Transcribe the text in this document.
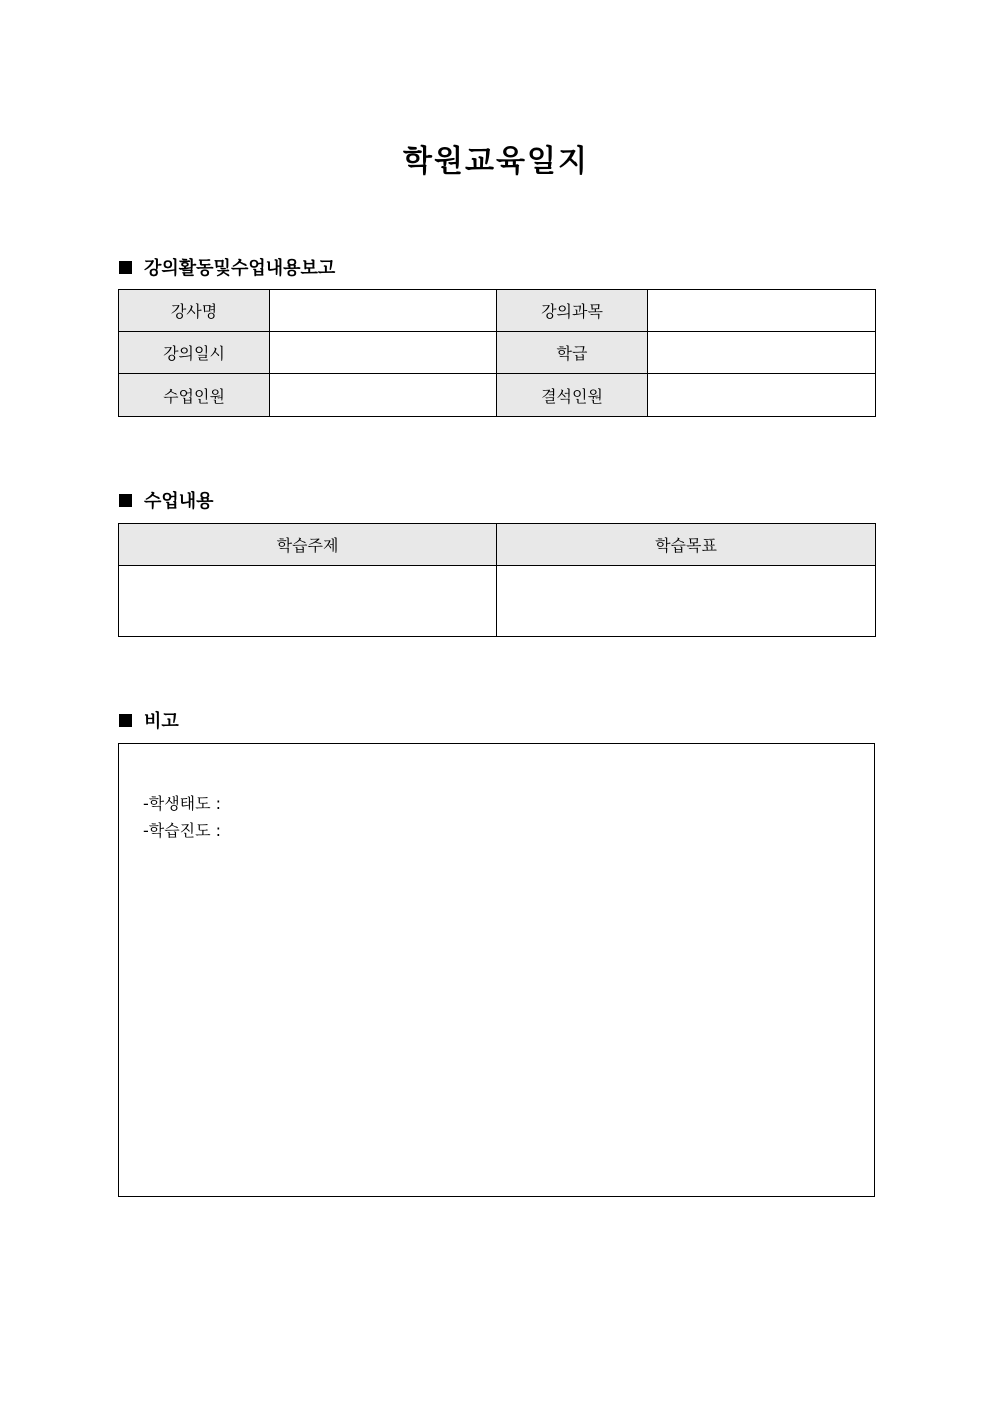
학원교육일지
강의활동및수업내용보고
강사명		강의과목	
강의일시		학급	
수업인원		결석인원	
수업내용
학습주제	학습목표

비고
-학생태도 :
-학습진도 :
